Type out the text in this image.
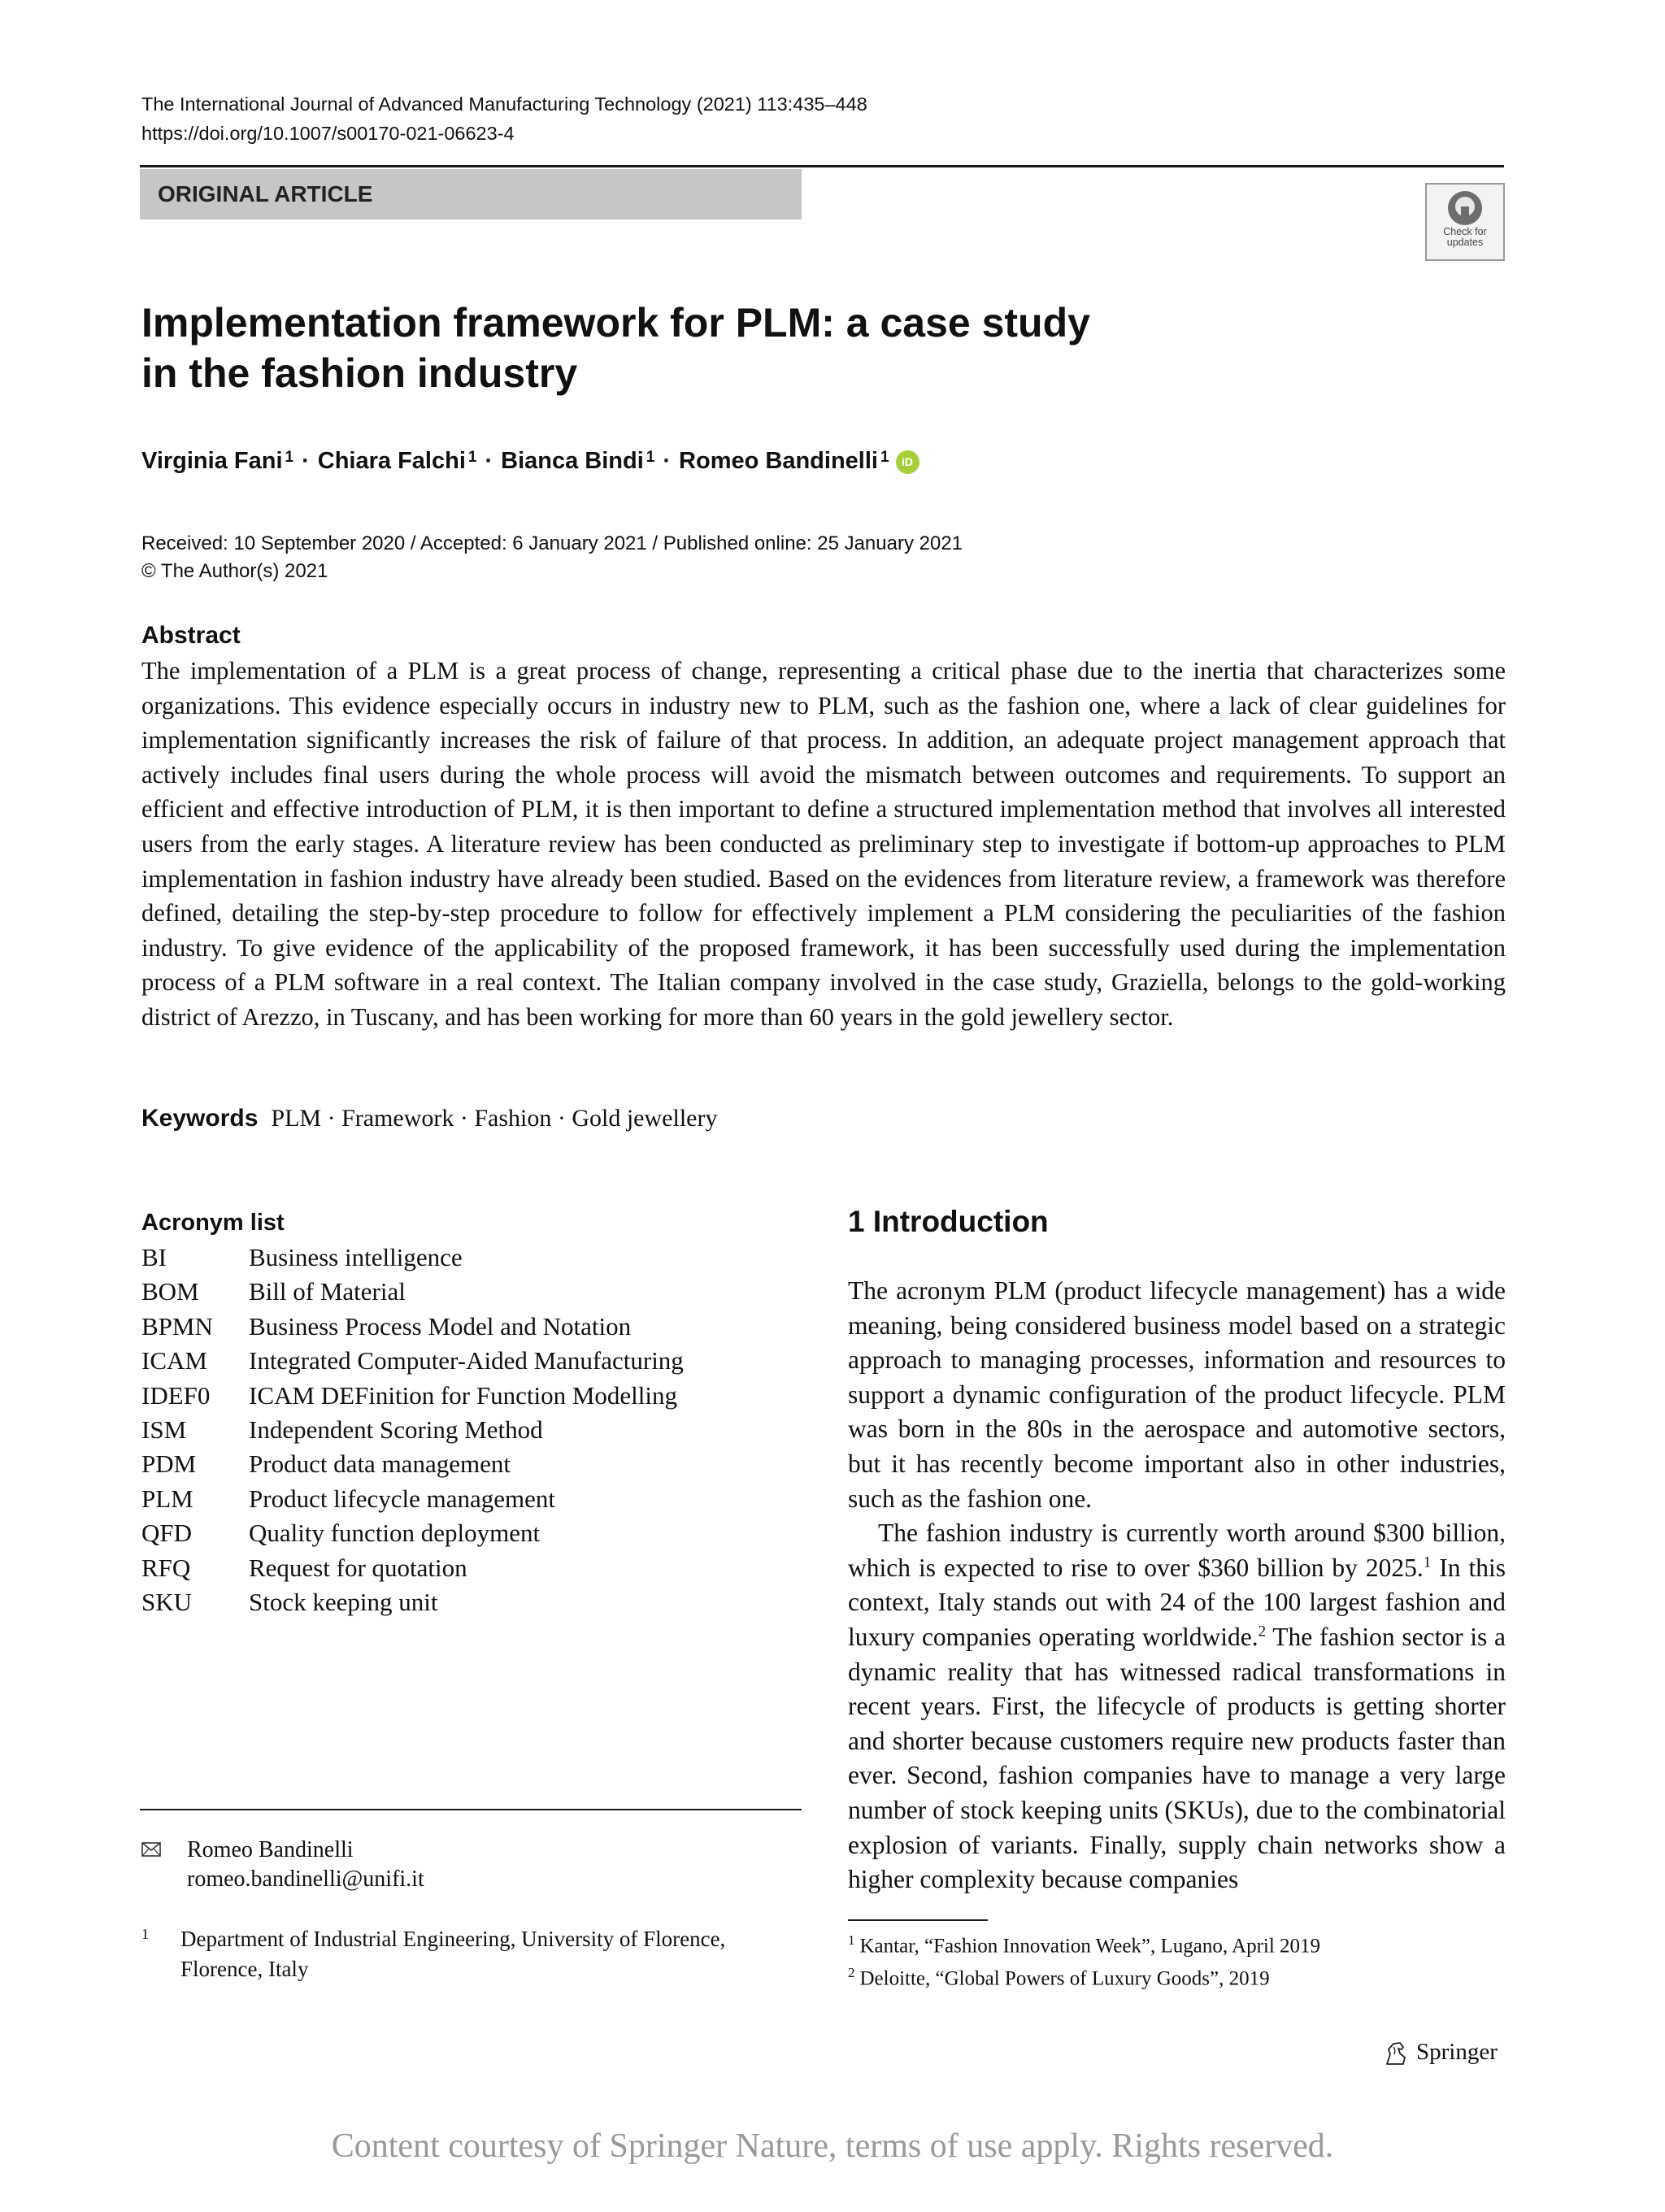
The International Journal of Advanced Manufacturing Technology (2021) 113:435–448
https://doi.org/10.1007/s00170-021-06623-4
ORIGINAL ARTICLE
Check for
updates
Implementation framework for PLM: a case study
in the fashion industry
Virginia Fani $^1$ · Chiara Falchi $^1$ · Bianca Bindi $^1$ · Romeo Bandinelli $^1$ iD
Received: 10 September 2020 / Accepted: 6 January 2021 / Published online: 25 January 2021
© The Author(s) 2021
Abstract
The implementation of a PLM is a great process of change, representing a critical phase due to the inertia that characterizes some organizations. This evidence especially occurs in industry new to PLM, such as the fashion one, where a lack of clear guidelines for implementation significantly increases the risk of failure of that process. In addition, an adequate project management approach that actively includes final users during the whole process will avoid the mismatch between outcomes and requirements. To support an efficient and effective introduction of PLM, it is then important to define a structured implementation method that involves all interested users from the early stages. A literature review has been conducted as preliminary step to investigate if bottom-up approaches to PLM implementation in fashion industry have already been studied. Based on the evidences from literature review, a framework was therefore defined, detailing the step-by-step procedure to follow for effectively implement a PLM considering the peculiarities of the fashion industry. To give evidence of the applicability of the proposed framework, it has been successfully used during the implementation process of a PLM software in a real context. The Italian company involved in the case study, Graziella, belongs to the gold-working district of Arezzo, in Tuscany, and has been working for more than 60 years in the gold jewellery sector.
Keywords PLM · Framework · Fashion · Gold jewellery
Acronym list
BI	Business intelligence
BOM	Bill of Material
BPMN	Business Process Model and Notation
ICAM	Integrated Computer-Aided Manufacturing
IDEF0	ICAM DEFinition for Function Modelling
ISM	Independent Scoring Method
PDM	Product data management
PLM	Product lifecycle management
QFD	Quality function deployment
RFQ	Request for quotation
SKU	Stock keeping unit
Romeo Bandinelli
romeo.bandinelli@unifi.it
$^1$ Department of Industrial Engineering, University of Florence,
Florence, Italy
1 Introduction

The acronym PLM (product lifecycle management) has a wide meaning, being considered business model based on a strategic approach to managing processes, information and resources to support a dynamic configuration of the product lifecycle. PLM was born in the 80s in the aerospace and automotive sectors, but it has recently become important also in other industries, such as the fashion one.

The fashion industry is currently worth around $300 billion, which is expected to rise to over $360 billion by 2025.$^1$ In this context, Italy stands out with 24 of the 100 largest fashion and luxury companies operating worldwide.$^2$ The fashion sector is a dynamic reality that has witnessed radical transformations in recent years. First, the lifecycle of products is getting shorter and shorter because customers require new products faster than ever. Second, fashion companies have to manage a very large number of stock keeping units (SKUs), due to the combinatorial explosion of variants. Finally, supply chain networks show a higher complexity because companies

$^1$ Kantar, “Fashion Innovation Week”, Lugano, April 2019
$^2$ Deloitte, “Global Powers of Luxury Goods”, 2019
Springer
Content courtesy of Springer Nature, terms of use apply. Rights reserved.
